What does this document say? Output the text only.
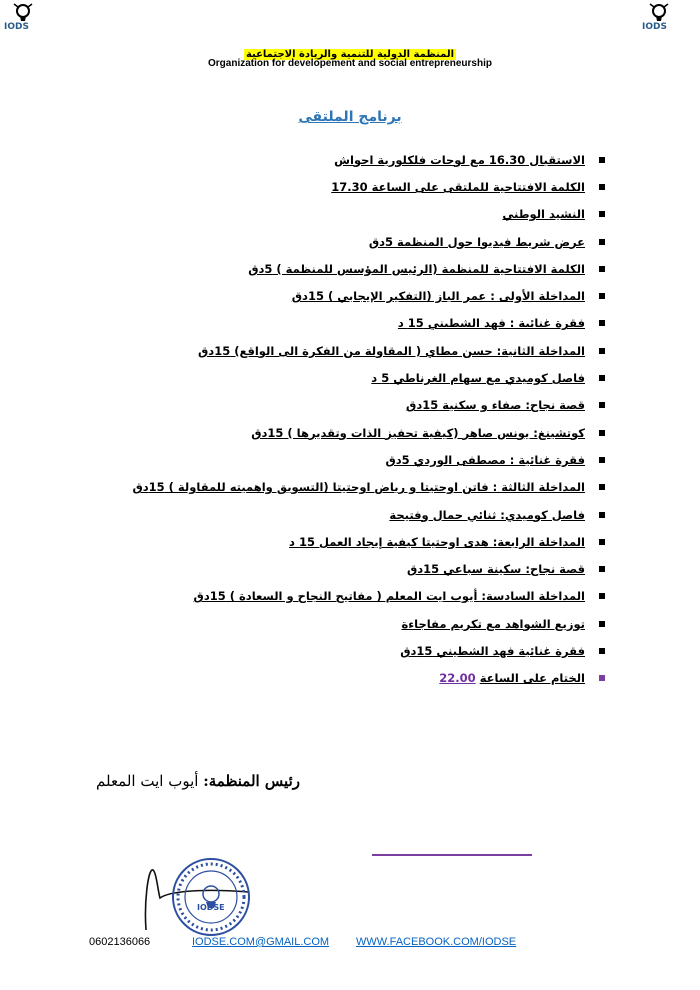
IODS	IODS
المنظمة الدولية للتنمية والريادة الاجتماعية
Organization for developement and social entrepreneurship
برنامج الملتقى
الاستقبال 16.30 مع لوحات فلكلورية احواش
الكلمة الافتتاحية للملتقى على الساعة 17.30
النشيد الوطني
عرض شريط فيديوا حول المنظمة 5دق
الكلمة الافتتاحية للمنظمة (الرئيس المؤسس للمنظمة ) 5دق
المداخلة الأولى : عمر الباز (التفكير الإيجابي ) 15دق
فقرة غنائية : فهد الشطيني 15 د
المداخلة الثانية: حسن مطاي ( المقاولة من الفكرة الى الواقع) 15دق
فاصل كوميدي مع سهام الغرناطي 5 د
قصة نجاح: صفاء و سكنية 15دق
كوتشينغ: يونس صاهر (كيفية تحفيز الذات وتقديرها ) 15دق
فقرة غنائية : مصطفى الوردي 5دق
المداخلة الثالثة : فاتن اوحتيتا و رياض اوحتيتا (التسويق واهميته للمقاولة ) 15دق
فاصل كوميدي: ثنائي جمال وفتيحة
المداخلة الرابعة: هدى اوحتيتا كيفية إيجاد العمل 15 د
قصة نجاح: سكينة سباعي 15دق
المداخلة السادسة: أيوب ايت المعلم ( مفاتيح النجاح و السعادة ) 15دق
توزيع الشواهد مع تكريم مفاجاءة
فقرة غنائية فهد الشطيني 15دق
الختام على الساعة

22.00
رئيس المنظمة: أيوب ايت المعلم
IODSE
0602136066	IODSE.COM@GMAIL.COM WWW.FACEBOOK.COM/IODSE
